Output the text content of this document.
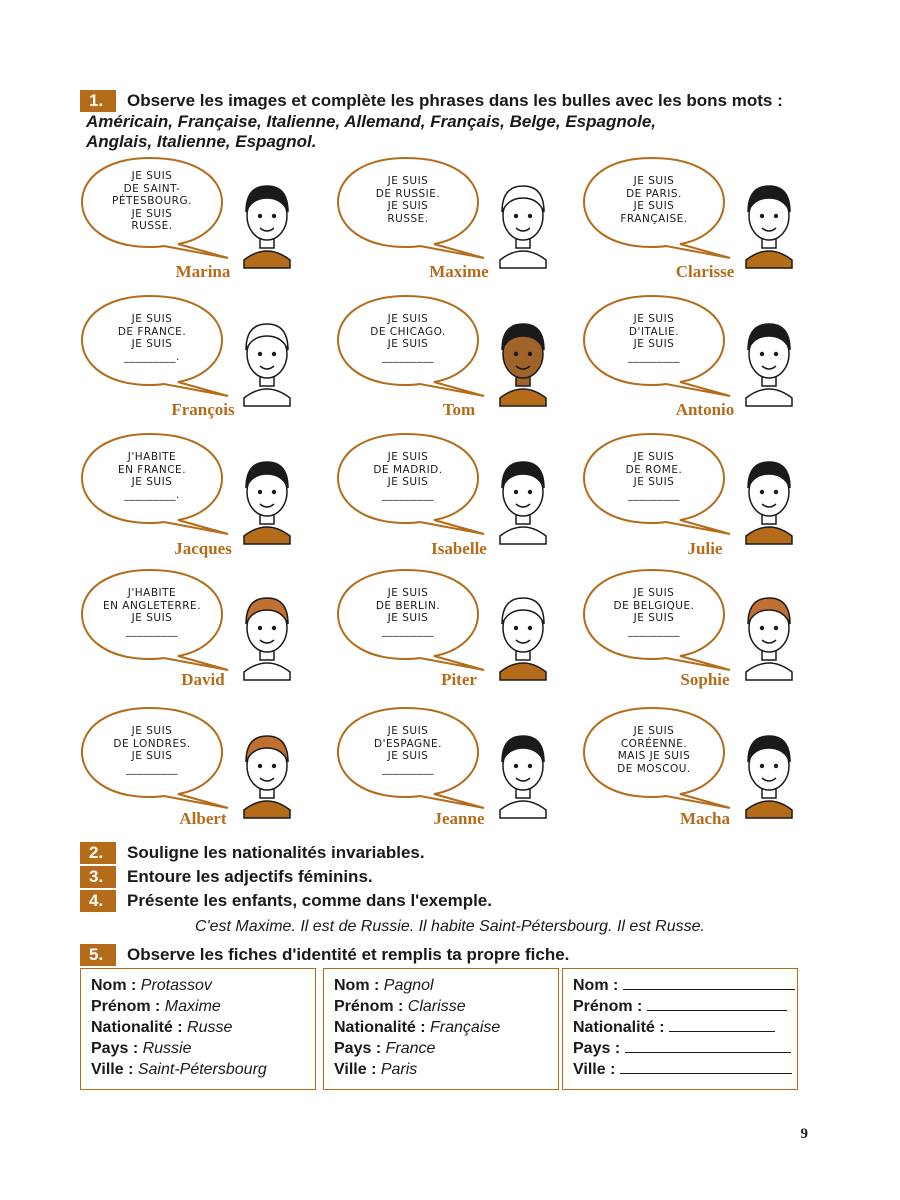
1.	Observe les images et complète les phrases dans les bulles avec les bons mots :
Américain, Française, Italienne, Allemand, Français, Belge, Espagnole,
Anglais, Italienne, Espagnol.
JE SUIS
DE SAINT-
PÉTESBOURG.
JE SUIS
RUSSE.
Marina
JE SUIS
DE RUSSIE.
JE SUIS
RUSSE.
Maxime
JE SUIS
DE PARIS.
JE SUIS
FRANÇAISE.
Clarisse
JE SUIS
DE FRANCE.
JE SUIS
_________.
François
JE SUIS
DE CHICAGO.
JE SUIS
_________
Tom
JE SUIS
D'ITALIE.
JE SUIS
_________
Antonio
J'HABITE
EN FRANCE.
JE SUIS
_________.
Jacques
JE SUIS
DE MADRID.
JE SUIS
_________
Isabelle
JE SUIS
DE ROME.
JE SUIS
_________
Julie
J'HABITE
EN ANGLETERRE.
JE SUIS
_________
David
JE SUIS
DE BERLIN.
JE SUIS
_________
Piter
JE SUIS
DE BELGIQUE.
JE SUIS
_________
Sophie
JE SUIS
DE LONDRES.
JE SUIS
_________
Albert
JE SUIS
D'ESPAGNE.
JE SUIS
_________
Jeanne
JE SUIS
CORÉENNE.
MAIS JE SUIS
DE MOSCOU.
Macha
2.	Souligne les nationalités invariables.
3.	Entoure les adjectifs féminins.
4.	Présente les enfants, comme dans l'exemple.
C'est Maxime. Il est de Russie. Il habite Saint-Pétersbourg. Il est Russe.
5.	Observe les fiches d'identité et remplis ta propre fiche.
Nom : Protassov
Prénom : Maxime
Nationalité : Russe
Pays : Russie
Ville : Saint-Pétersbourg
Nom : Pagnol
Prénom : Clarisse
Nationalité : Française
Pays : France
Ville : Paris
Nom :
Prénom :
Nationalité :
Pays :
Ville :
9
